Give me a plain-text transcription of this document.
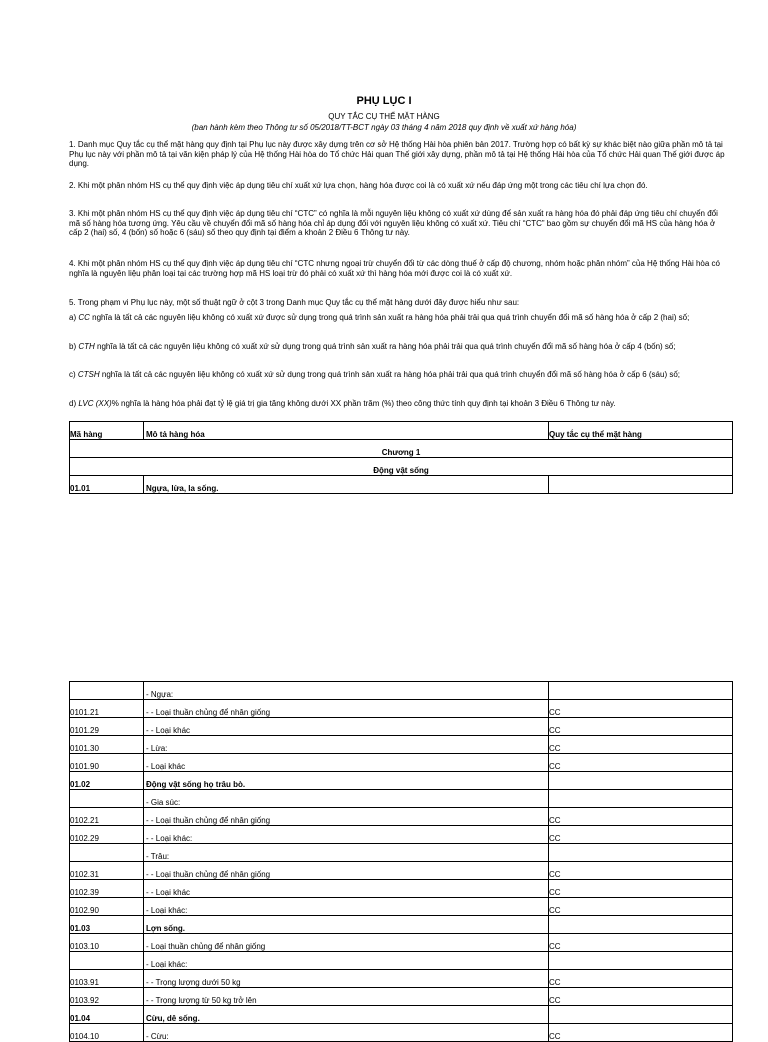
PHỤ LỤC I
QUY TẮC CỤ THỂ MẶT HÀNG
(ban hành kèm theo Thông tư số 05/2018/TT-BCT ngày 03 tháng 4 năm 2018 quy định về xuất xứ hàng hóa)

1. Danh mục Quy tắc cụ thể mặt hàng quy định tại Phụ lục này được xây dựng trên cơ sở Hệ thống Hài hòa phiên bản 2017. Trường hợp có bất kỳ sự khác biệt nào giữa phần mô tả tại Phụ lục này với phần mô tả tại văn kiện pháp lý của Hệ thống Hài hòa do Tổ chức Hải quan Thế giới xây dựng, phần mô tả tại Hệ thống Hài hòa của Tổ chức Hải quan Thế giới được áp dụng.

2. Khi một phân nhóm HS cụ thể quy định việc áp dụng tiêu chí xuất xứ lựa chọn, hàng hóa được coi là có xuất xứ nếu đáp ứng một trong các tiêu chí lựa chọn đó.

3. Khi một phân nhóm HS cụ thể quy định việc áp dụng tiêu chí “CTC” có nghĩa là mỗi nguyên liệu không có xuất xứ dùng để sản xuất ra hàng hóa đó phải đáp ứng tiêu chí chuyển đổi mã số hàng hóa tương ứng. Yêu cầu về chuyển đổi mã số hàng hóa chỉ áp dụng đối với nguyên liệu không có xuất xứ. Tiêu chí “CTC” bao gồm sự chuyển đổi mã HS của hàng hóa ở cấp 2 (hai) số, 4 (bốn) số hoặc 6 (sáu) số theo quy định tại điểm a khoản 2 Điều 6 Thông tư này.

4. Khi một phân nhóm HS cụ thể quy định việc áp dụng tiêu chí “CTC nhưng ngoại trừ chuyển đổi từ các dòng thuế ở cấp độ chương, nhóm hoặc phân nhóm” của Hệ thống Hài hòa có nghĩa là nguyên liệu phân loại tại các trường hợp mã HS loại trừ đó phải có xuất xứ thì hàng hóa mới được coi là có xuất xứ.

5. Trong phạm vi Phụ lục này, một số thuật ngữ ở cột 3 trong Danh mục Quy tắc cụ thể mặt hàng dưới đây được hiểu như sau:

a) CC nghĩa là tất cả các nguyên liệu không có xuất xứ được sử dụng trong quá trình sản xuất ra hàng hóa phải trải qua quá trình chuyển đổi mã số hàng hóa ở cấp 2 (hai) số;

b) CTH nghĩa là tất cả các nguyên liệu không có xuất xứ sử dụng trong quá trình sản xuất ra hàng hóa phải trải qua quá trình chuyển đổi mã số hàng hóa ở cấp 4 (bốn) số;

c) CTSH nghĩa là tất cả các nguyên liệu không có xuất xứ sử dụng trong quá trình sản xuất ra hàng hóa phải trải qua quá trình chuyển đổi mã số hàng hóa ở cấp 6 (sáu) số;

d) LVC (XX)% nghĩa là hàng hóa phải đạt tỷ lệ giá trị gia tăng không dưới XX phần trăm (%) theo công thức tính quy định tại khoản 3 Điều 6 Thông tư này.

Mã hàng	Mô tả hàng hóa	Quy tắc cụ thể mặt hàng
Chương 1		
Động vật sống		
01.01	Ngựa, lừa, la sống.	
	- Ngựa:	
0101.21	- - Loại thuần chủng để nhân giống	CC
0101.29	- - Loại khác	CC
0101.30	- Lừa:	CC
0101.90	- Loại khác	CC
01.02	Động vật sống họ trâu bò.	
	- Gia súc:	
0102.21	- - Loại thuần chủng để nhân giống	CC
0102.29	- - Loại khác:	CC
	- Trâu:	
0102.31	- - Loại thuần chủng để nhân giống	CC
0102.39	- - Loại khác	CC
0102.90	- Loại khác:	CC
01.03	Lợn sống.	
0103.10	- Loại thuần chủng để nhân giống	CC
	- Loại khác:	
0103.91	- - Trọng lượng dưới 50 kg	CC
0103.92	- - Trọng lượng từ 50 kg trở lên	CC
01.04	Cừu, dê sống.	
0104.10	- Cừu:	CC
